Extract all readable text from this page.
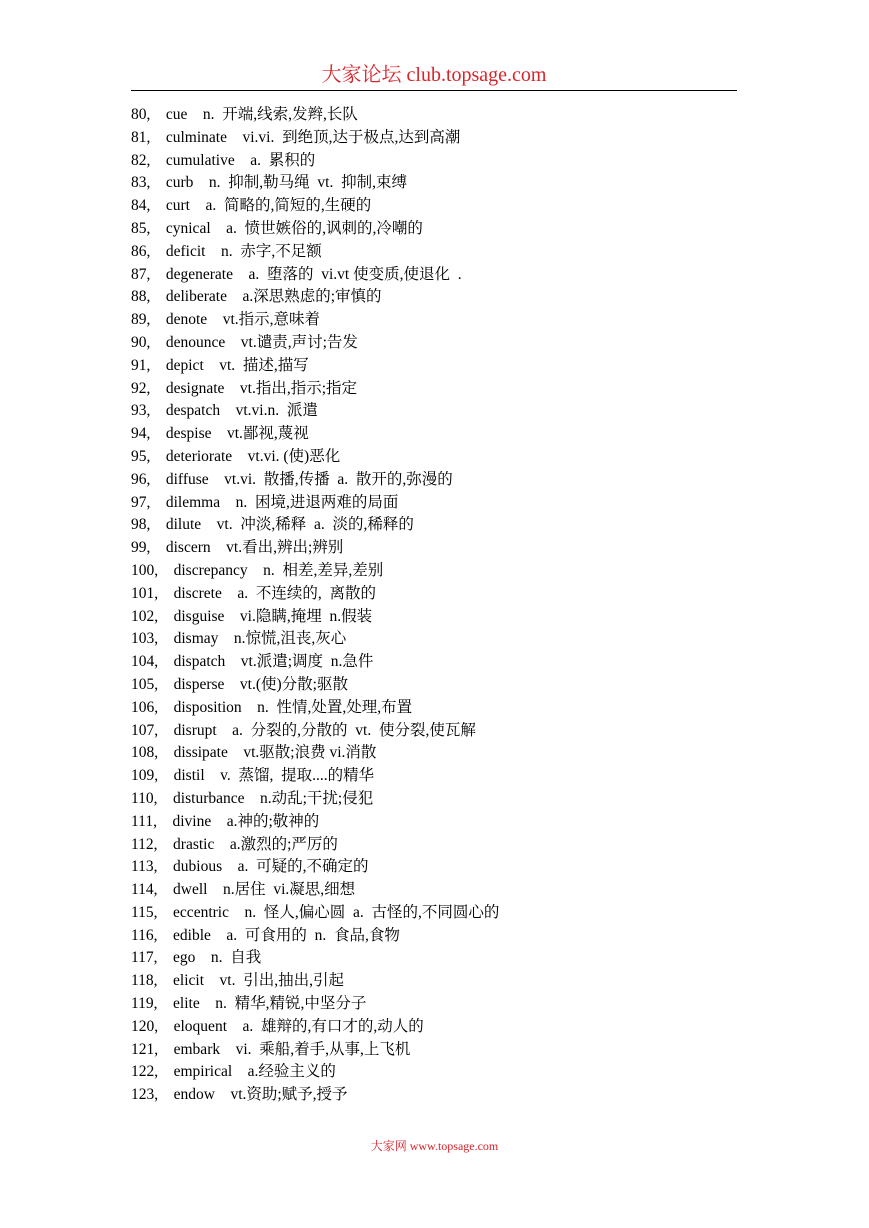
大家论坛 club.topsage.com
80,    cue    n.  开端,线索,发辫,长队
81,    culminate    vi.vi.  到绝顶,达于极点,达到高潮
82,    cumulative    a.  累积的
83,    curb    n.  抑制,勒马绳  vt.  抑制,束缚
84,    curt    a.  简略的,简短的,生硬的
85,    cynical    a.  愤世嫉俗的,讽刺的,冷嘲的
86,    deficit    n.  赤字,不足额
87,    degenerate    a.  堕落的  vi.vt 使变质,使退化  .
88,    deliberate    a.深思熟虑的;审慎的
89,    denote    vt.指示,意味着
90,    denounce    vt.谴责,声讨;告发
91,    depict    vt.  描述,描写
92,    designate    vt.指出,指示;指定
93,    despatch    vt.vi.n.  派遣
94,    despise    vt.鄙视,蔑视
95,    deteriorate    vt.vi. (使)恶化
96,    diffuse    vt.vi.  散播,传播  a.  散开的,弥漫的
97,    dilemma    n.  困境,进退两难的局面
98,    dilute    vt.  冲淡,稀释  a.  淡的,稀释的
99,    discern    vt.看出,辨出;辨别
100,    discrepancy    n.  相差,差异,差别
101,    discrete    a.  不连续的,  离散的
102,    disguise    vi.隐瞒,掩埋  n.假装
103,    dismay    n.惊慌,沮丧,灰心
104,    dispatch    vt.派遣;调度  n.急件
105,    disperse    vt.(使)分散;驱散
106,    disposition    n.  性情,处置,处理,布置
107,    disrupt    a.  分裂的,分散的  vt.  使分裂,使瓦解
108,    dissipate    vt.驱散;浪费 vi.消散
109,    distil    v.  蒸馏,  提取....的精华
110,    disturbance    n.动乱;干扰;侵犯
111,    divine    a.神的;敬神的
112,    drastic    a.激烈的;严厉的
113,    dubious    a.  可疑的,不确定的
114,    dwell    n.居住  vi.凝思,细想
115,    eccentric    n.  怪人,偏心圆  a.  古怪的,不同圆心的
116,    edible    a.  可食用的  n.  食品,食物
117,    ego    n.  自我
118,    elicit    vt.  引出,抽出,引起
119,    elite    n.  精华,精锐,中坚分子
120,    eloquent    a.  雄辩的,有口才的,动人的
121,    embark    vi.  乘船,着手,从事,上飞机
122,    empirical    a.经验主义的
123,    endow    vt.资助;赋予,授予
大家网 www.topsage.com
